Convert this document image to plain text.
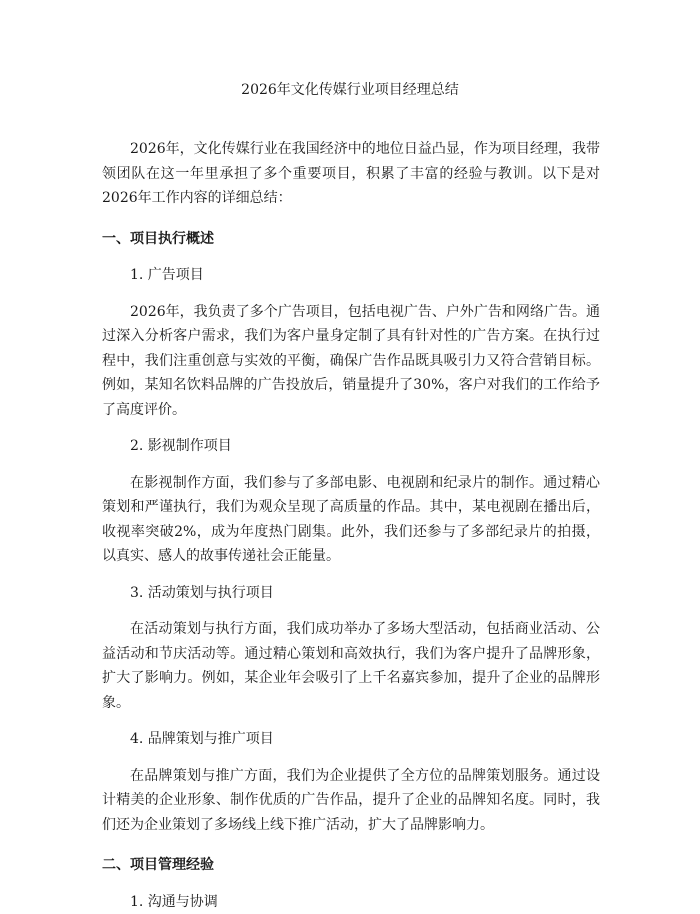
2026年文化传媒行业项目经理总结

2026年，文化传媒行业在我国经济中的地位日益凸显，作为项目经理，我带领团队在这一年里承担了多个重要项目，积累了丰富的经验与教训。以下是对2026年工作内容的详细总结：

一、项目执行概述

1. 广告项目

2026年，我负责了多个广告项目，包括电视广告、户外广告和网络广告。通过深入分析客户需求，我们为客户量身定制了具有针对性的广告方案。在执行过程中，我们注重创意与实效的平衡，确保广告作品既具吸引力又符合营销目标。例如，某知名饮料品牌的广告投放后，销量提升了30%，客户对我们的工作给予了高度评价。

2. 影视制作项目

在影视制作方面，我们参与了多部电影、电视剧和纪录片的制作。通过精心策划和严谨执行，我们为观众呈现了高质量的作品。其中，某电视剧在播出后，收视率突破2%，成为年度热门剧集。此外，我们还参与了多部纪录片的拍摄，以真实、感人的故事传递社会正能量。

3. 活动策划与执行项目

在活动策划与执行方面，我们成功举办了多场大型活动，包括商业活动、公益活动和节庆活动等。通过精心策划和高效执行，我们为客户提升了品牌形象，扩大了影响力。例如，某企业年会吸引了上千名嘉宾参加，提升了企业的品牌形象。

4. 品牌策划与推广项目

在品牌策划与推广方面，我们为企业提供了全方位的品牌策划服务。通过设计精美的企业形象、制作优质的广告作品，提升了企业的品牌知名度。同时，我们还为企业策划了多场线上线下推广活动，扩大了品牌影响力。

二、项目管理经验

1. 沟通与协调
